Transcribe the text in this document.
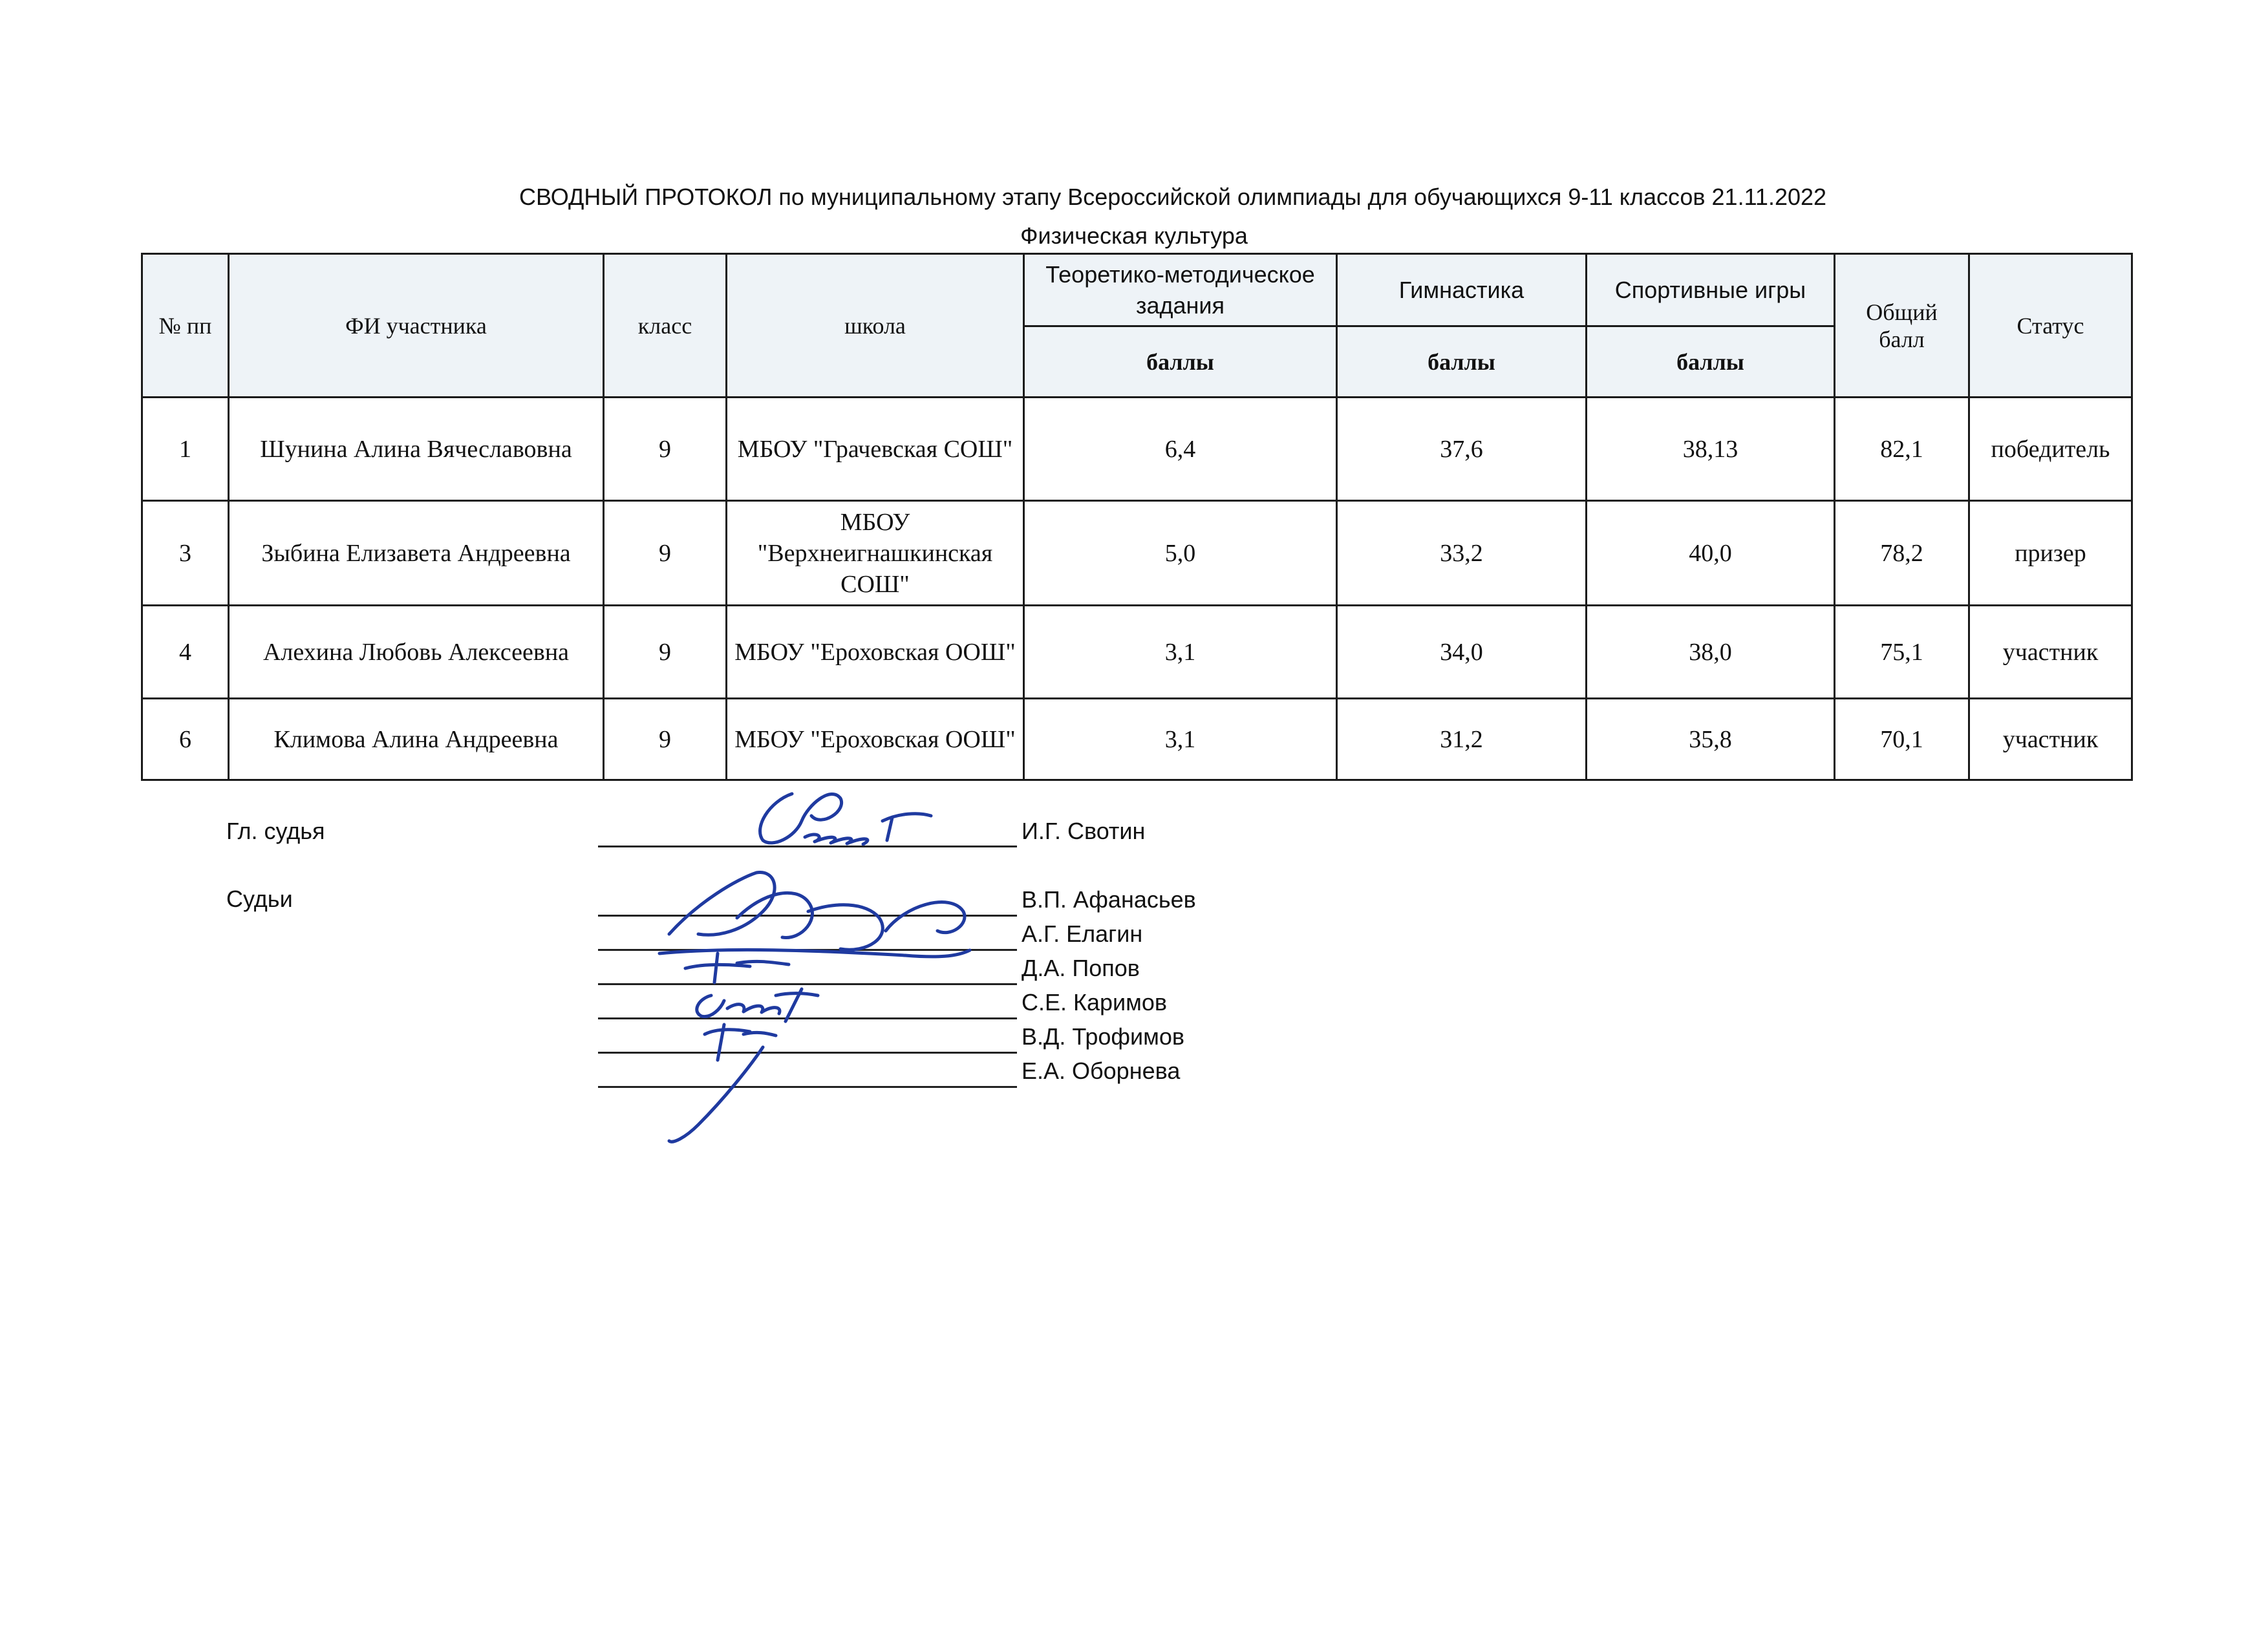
СВОДНЫЙ ПРОТОКОЛ по муниципальному этапу Всероссийской олимпиады для обучающихся 9-11 классов 21.11.2022
Физическая культура
№ пп	ФИ участника	класс	школа	Теоретико-методическое задания	Гимнастика	Спортивные игры	Общий балл	Статус
				баллы	баллы	баллы		
1	Шунина Алина Вячеславовна	9	МБОУ "Грачевская СОШ"	6,4	37,6	38,13	82,1	победитель
3	Зыбина Елизавета Андреевна	9	МБОУ "Верхнеигнашкинская СОШ"	5,0	33,2	40,0	78,2	призер
4	Алехина Любовь Алексеевна	9	МБОУ "Ероховская ООШ"	3,1	34,0	38,0	75,1	участник
6	Климова Алина Андреевна	9	МБОУ "Ероховская ООШ"	3,1	31,2	35,8	70,1	участник
Гл. судья	И.Г. Свотин
Судьи	В.П. Афанасьев
А.Г. Елагин
Д.А. Попов
С.Е. Каримов
В.Д. Трофимов
Е.А. Оборнева
